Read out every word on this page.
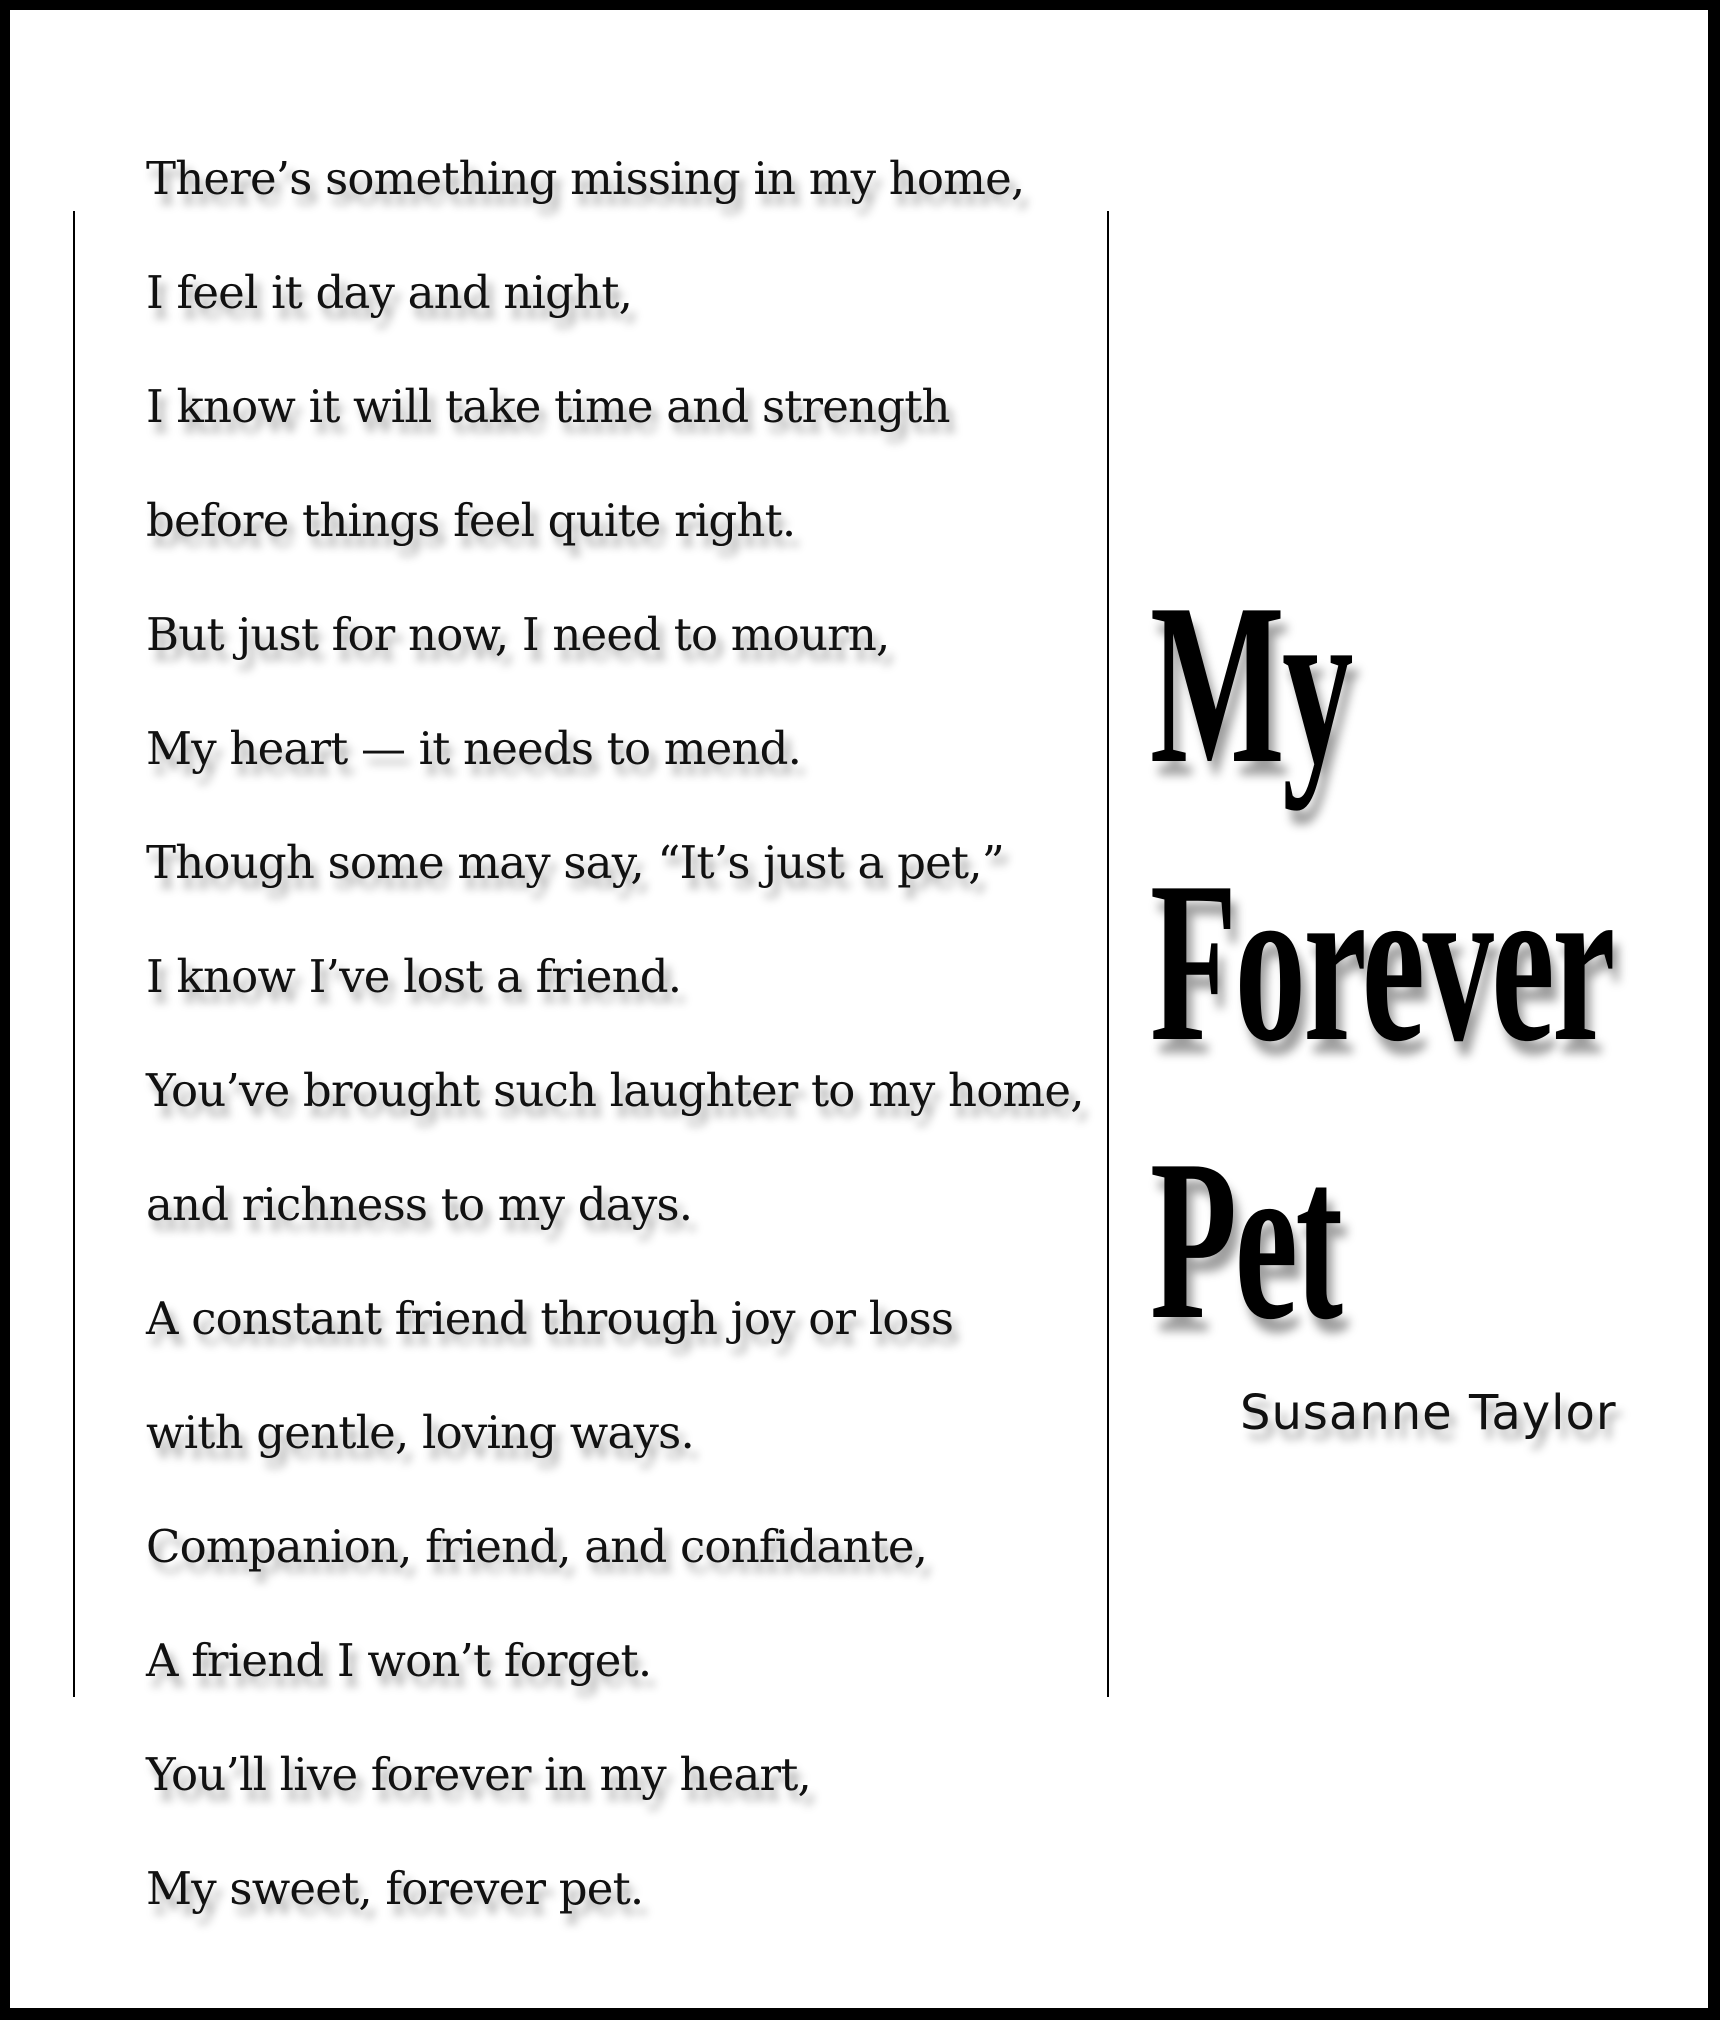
There’s something missing in my home,
I feel it day and night,
I know it will take time and strength
before things feel quite right.
But just for now, I need to mourn,
My heart — it needs to mend.
Though some may say, “It’s just a pet,”
I know I’ve lost a friend.
You’ve brought such laughter to my home,
and richness to my days.
A constant friend through joy or loss
with gentle, loving ways.
Companion, friend, and confidante,
A friend I won’t forget.
You’ll live forever in my heart,
My sweet, forever pet.
My
Forever
Pet
Susanne Taylor
